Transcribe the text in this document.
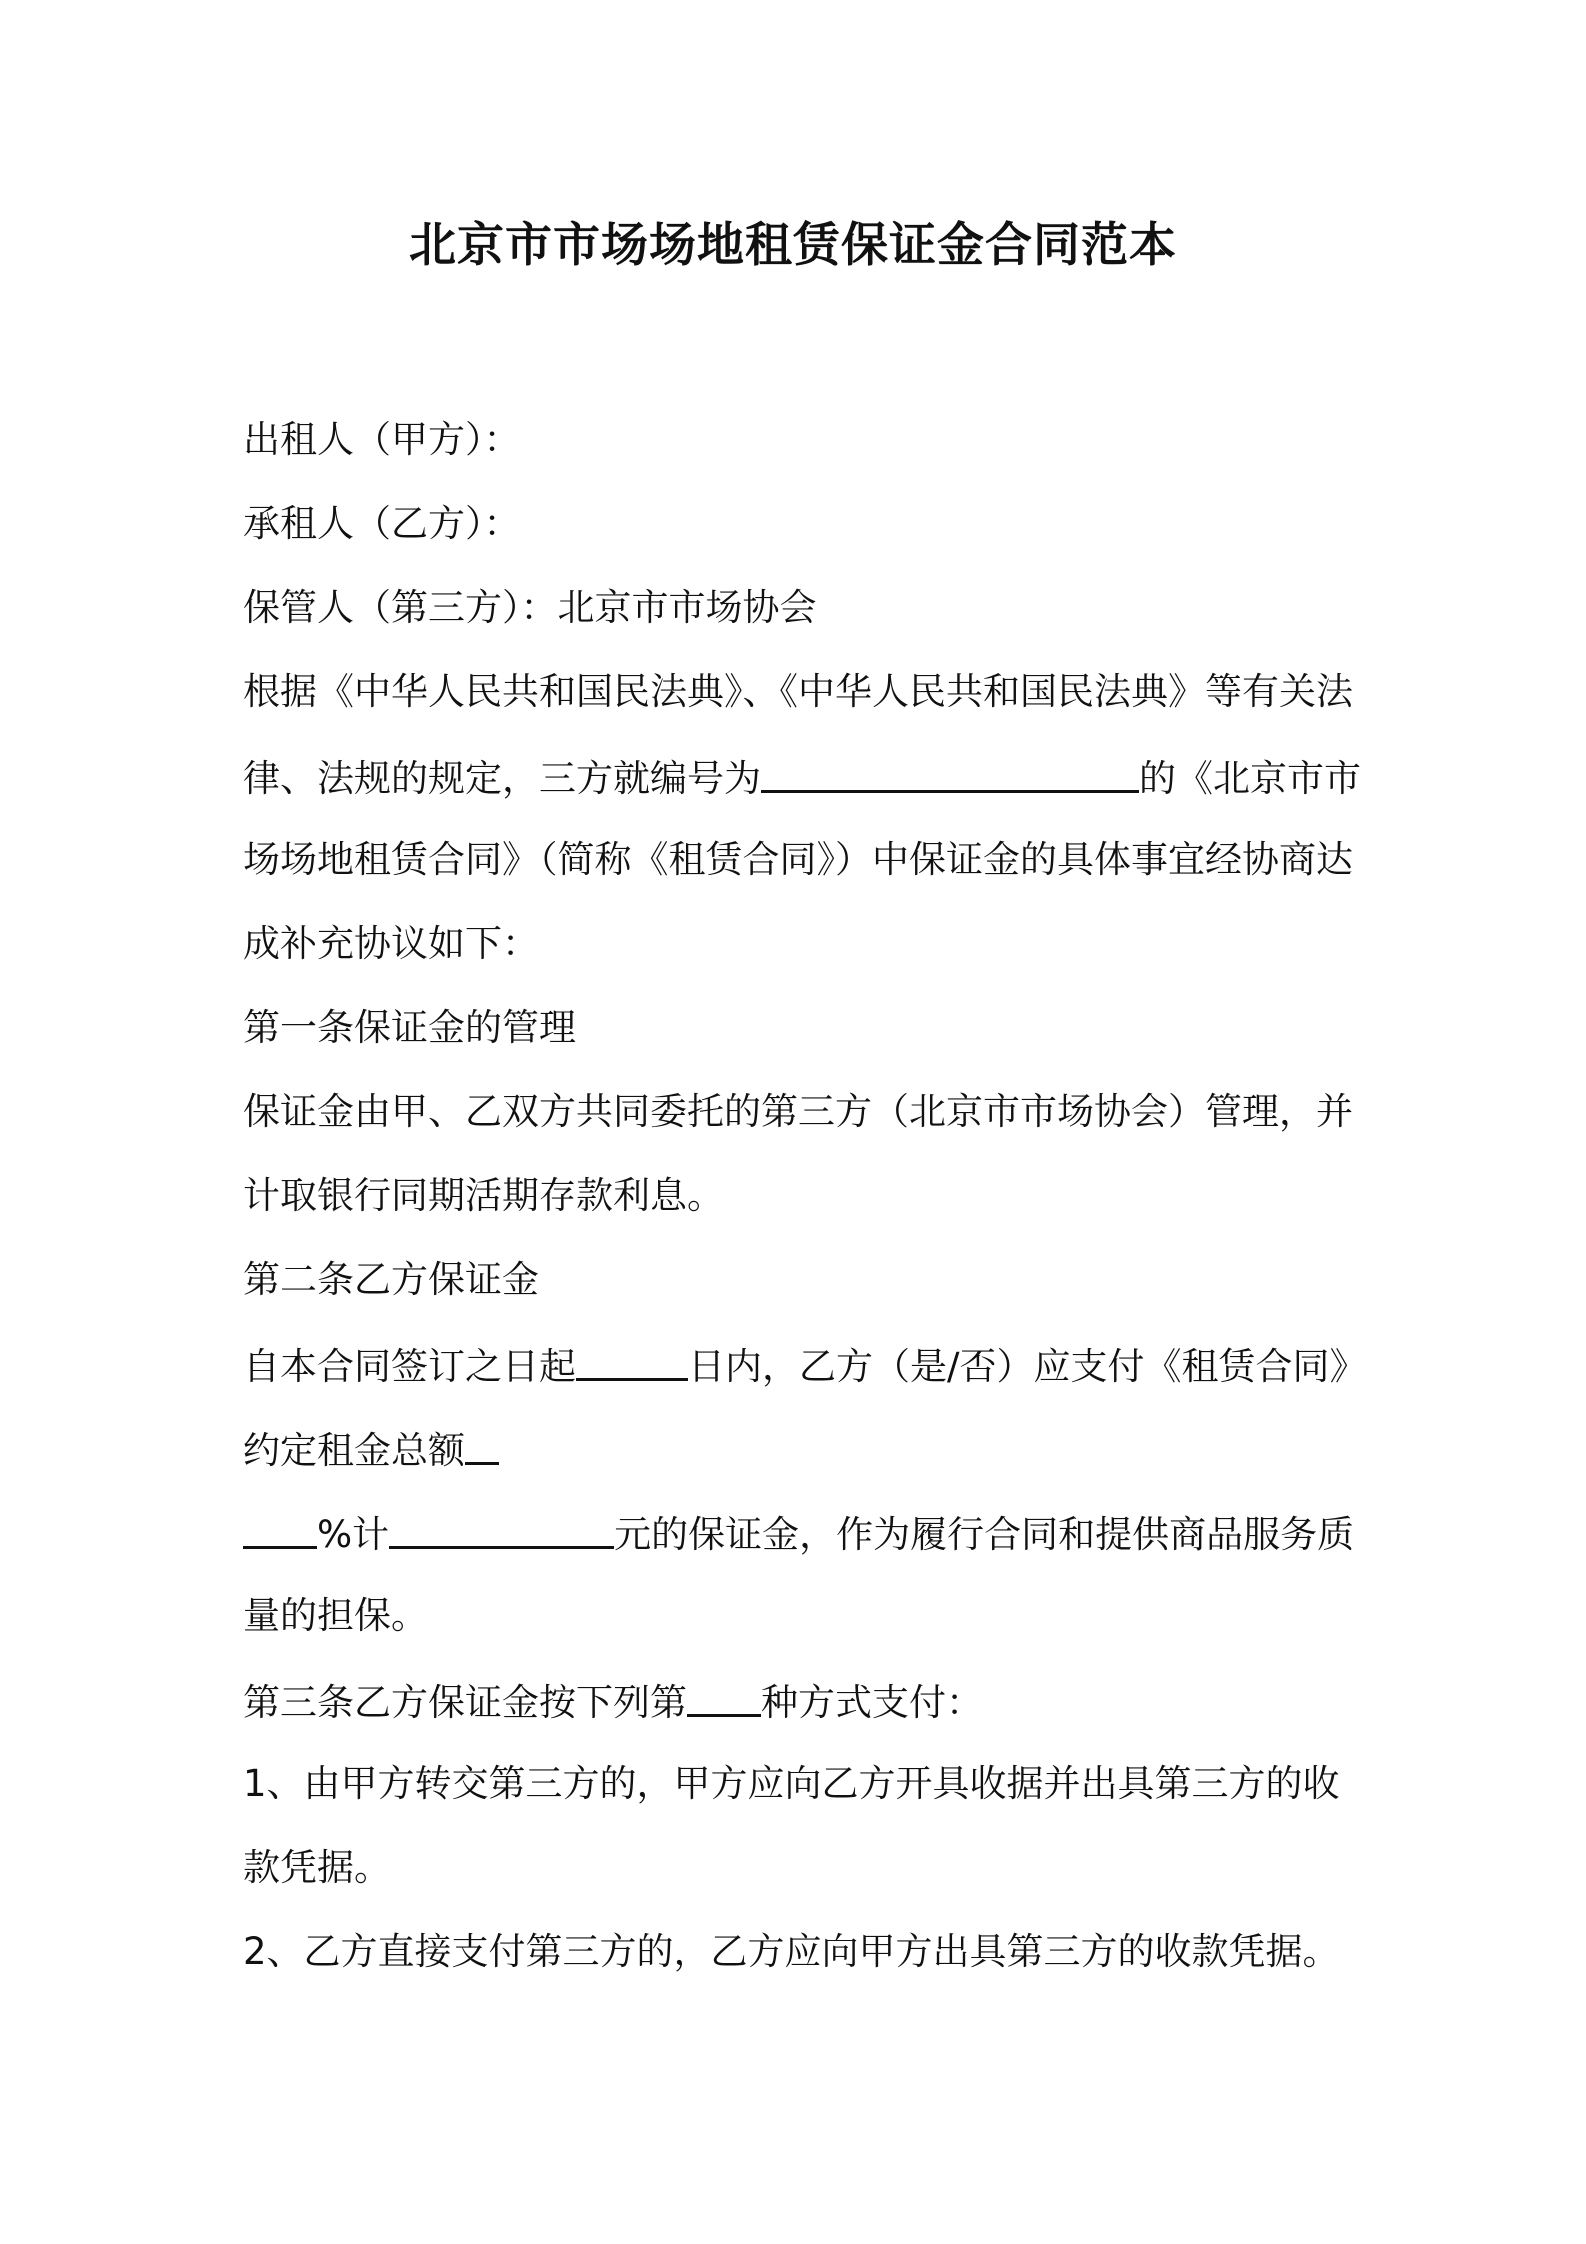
北京市市场场地租赁保证金合同范本
出租人（甲方）：
承租人（乙方）：
保管人（第三方）：北京市市场协会
根据《中华人民共和国民法典》、《中华人民共和国民法典》等有关法
律、法规的规定，三方就编号为	的《北京市市
场场地租赁合同》（简称《租赁合同》）中保证金的具体事宜经协商达
成补充协议如下：
第一条保证金的管理
保证金由甲、乙双方共同委托的第三方（北京市市场协会）管理，并
计取银行同期活期存款利息。
第二条乙方保证金
自本合同签订之日起	日内，乙方（是/否）应支付《租赁合同》
约定租金总额
%计	元的保证金，作为履行合同和提供商品服务质
量的担保。
第三条乙方保证金按下列第 种方式支付：
1、由甲方转交第三方的，甲方应向乙方开具收据并出具第三方的收
款凭据。
2、乙方直接支付第三方的，乙方应向甲方出具第三方的收款凭据。
